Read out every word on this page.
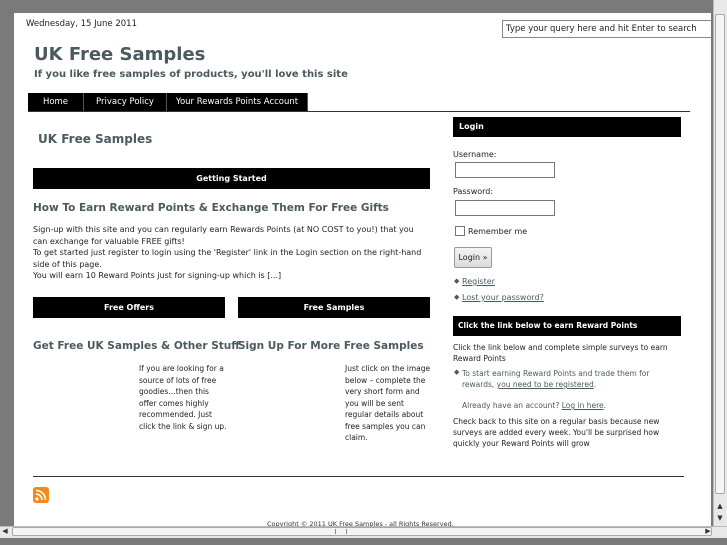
Wednesday, 15 June 2011
Type your query here and hit Enter to search
UK Free Samples
If you like free samples of products, you'll love this site
Home	Privacy Policy	Your Rewards Points Account
UK Free Samples
Getting Started
How To Earn Reward Points & Exchange Them For Free Gifts

Sign-up with this site and you can regularly earn Rewards Points (at NO COST to you!) that you can exchange for valuable FREE gifts!

To get started just register to login using the 'Register' link in the Login section on the right-hand side of this page.

You will earn 10 Reward Points just for signing-up which is [...]

Free Offers	Free Samples
Get Free UK Samples & Other Stuff
Sign Up For More Free Samples
If you are looking for a source of lots of free goodies…then this offer comes highly recommended. Just click the link & sign up.
Just click on the image below – complete the very short form and you will be sent regular details about free samples you can claim.
Login
Username:
Password:
Remember me
Login »
◆ Register
◆ Lost your password?
Click the link below to earn Reward Points
Click the link below and complete simple surveys to earn Reward Points
◆ To start earning Reward Points and trade them for rewards, you need to be registered.
Already have an account? Log in here.
Check back to this site on a regular basis because new surveys are added every week. You'll be surprised how quickly your Reward Points will grow
Copyright © 2011 UK Free Samples - all Rights Reserved.
▲
▼
◀	▶
